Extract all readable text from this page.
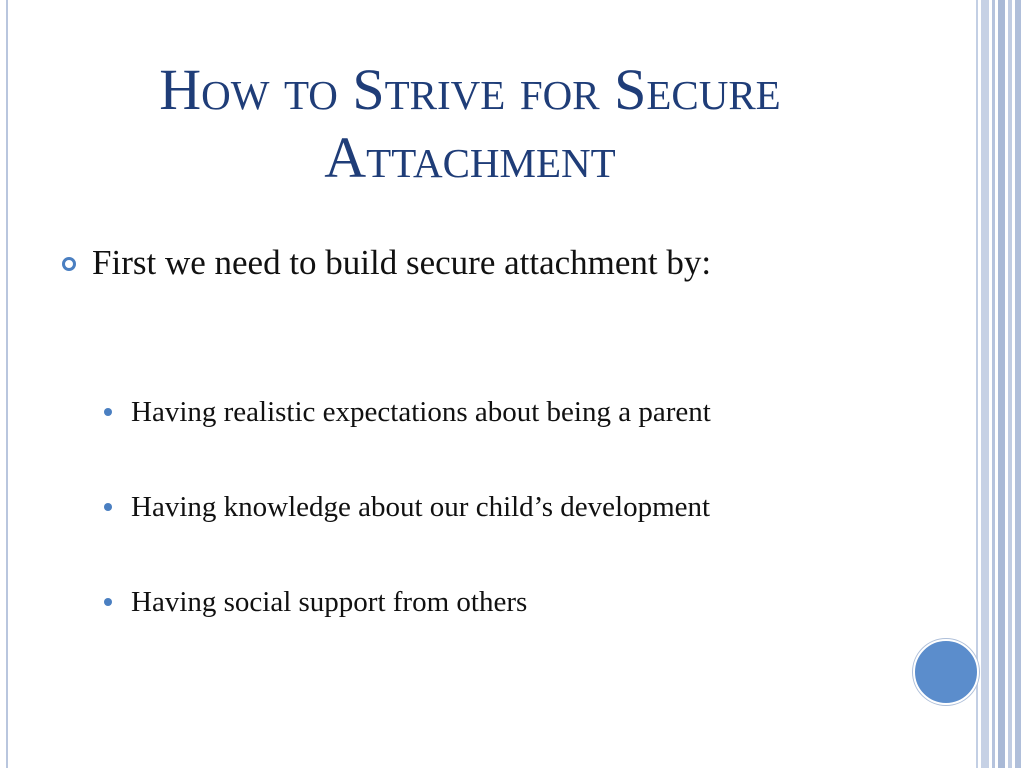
How to Strive for Secure Attachment
First we need to build secure attachment by:
Having realistic expectations about being a parent
Having knowledge about our child’s development
Having social support from others
